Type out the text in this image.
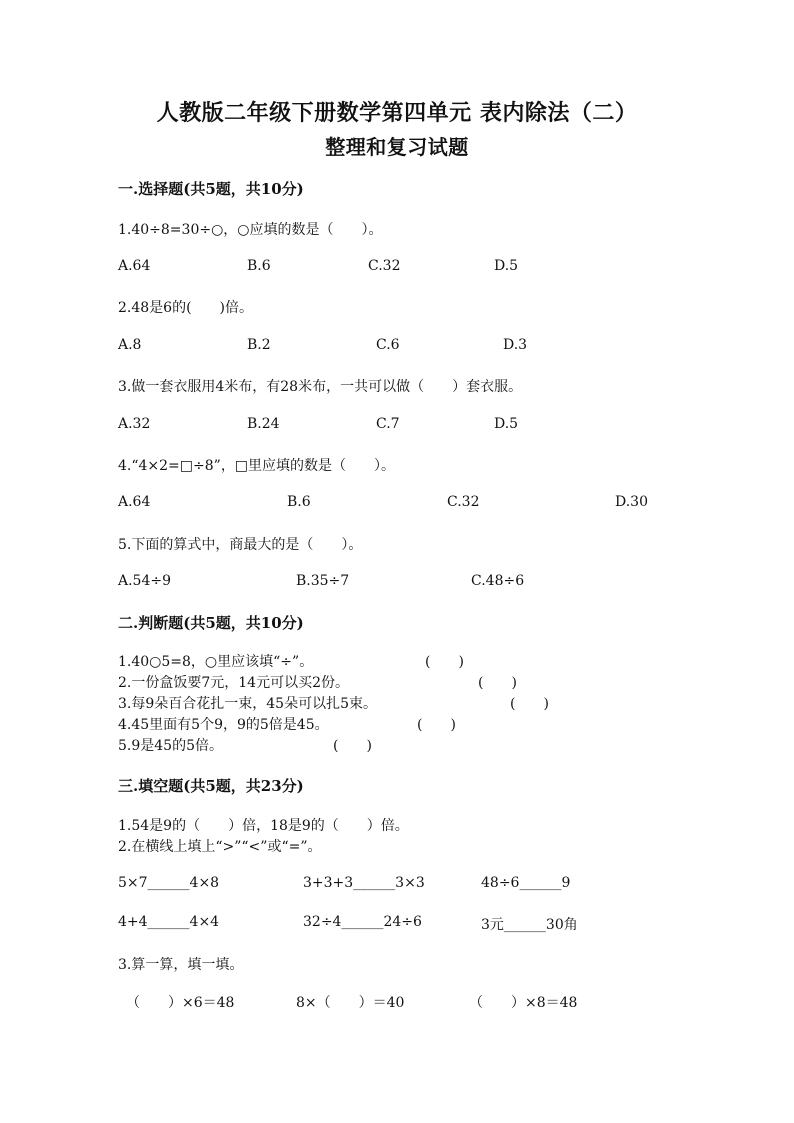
人教版二年级下册数学第四单元 表内除法（二）
整理和复习试题
一.选择题(共5题，共10分)
1.40÷8=30÷○，○应填的数是（　　）。
A.64	B.6	C.32	D.5
2.48是6的(　　)倍。
A.8	B.2	C.6	D.3
3.做一套衣服用4米布，有28米布，一共可以做（　　）套衣服。
A.32	B.24	C.7	D.5
4.“4×2=□÷8”，□里应填的数是（　　）。
A.64	B.6	C.32	D.30
5.下面的算式中，商最大的是（　　）。
A.54÷9	B.35÷7	C.48÷6
二.判断题(共5题，共10分)
1.40○5=8，○里应该填“÷”。	(　　)
2.一份盒饭要7元，14元可以买2份。	(　　)
3.每9朵百合花扎一束，45朵可以扎5束。	(　　)
4.45里面有5个9，9的5倍是45。	(　　)
5.9是45的5倍。	(　　)
三.填空题(共5题，共23分)
1.54是9的（　　）倍，18是9的（　　）倍。
2.在横线上填上“>”“<”或“=”。
5×7______4×8	3+3+3______3×3	48÷6______9
4+4______4×4	32÷4______24÷6	3元______30角
3.算一算，填一填。
（　　）×6＝48	8×（　　）＝40	（　　）×8＝48
